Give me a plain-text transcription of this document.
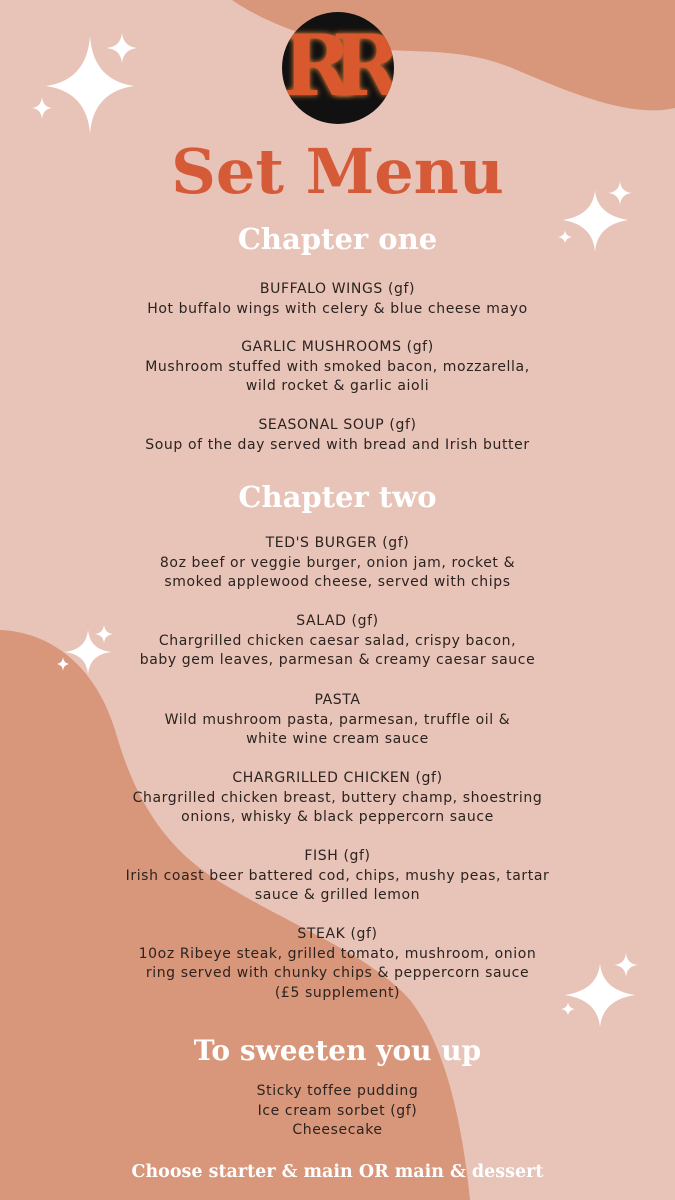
RR
Set Menu
Chapter one
BUFFALO WINGS (gf)
Hot buffalo wings with celery & blue cheese mayo
GARLIC MUSHROOMS (gf)
Mushroom stuffed with smoked bacon, mozzarella,
wild rocket & garlic aioli
SEASONAL SOUP (gf)
Soup of the day served with bread and Irish butter
Chapter two
TED'S BURGER (gf)
8oz beef or veggie burger, onion jam, rocket &
smoked applewood cheese, served with chips
SALAD (gf)
Chargrilled chicken caesar salad, crispy bacon,
baby gem leaves, parmesan & creamy caesar sauce
PASTA
Wild mushroom pasta, parmesan, truffle oil &
white wine cream sauce
CHARGRILLED CHICKEN (gf)
Chargrilled chicken breast, buttery champ, shoestring
onions, whisky & black peppercorn sauce
FISH (gf)
Irish coast beer battered cod, chips, mushy peas, tartar
sauce & grilled lemon
STEAK (gf)
10oz Ribeye steak, grilled tomato, mushroom, onion
ring served with chunky chips & peppercorn sauce
(£5 supplement)
To sweeten you up
Sticky toffee pudding
Ice cream sorbet (gf)
Cheesecake

Choose starter & main OR main & dessert
